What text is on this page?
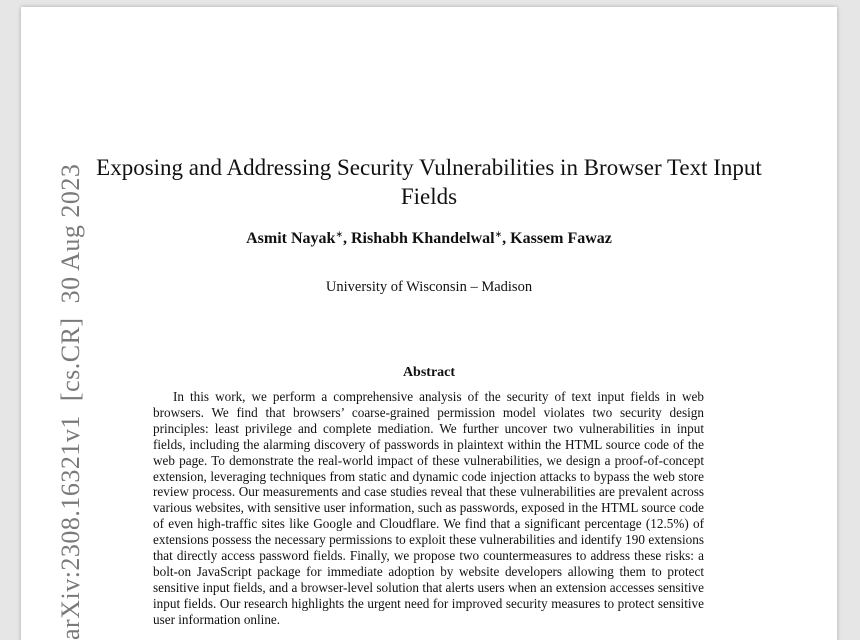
Exposing and Addressing Security Vulnerabilities in Browser Text Input Fields
Asmit Nayak∗, Rishabh Khandelwal∗, Kassem Fawaz
University of Wisconsin – Madison
Abstract
In this work, we perform a comprehensive analysis of the security of text input fields in web browsers. We find that browsers’ coarse-grained permission model violates two security design principles: least privilege and complete mediation. We further uncover two vulnerabilities in input fields, including the alarming discovery of passwords in plaintext within the HTML source code of the web page. To demonstrate the real-world impact of these vulnerabilities, we design a proof-of-concept extension, leveraging techniques from static and dynamic code injection attacks to bypass the web store review process. Our measurements and case studies reveal that these vulnerabilities are prevalent across various websites, with sensitive user information, such as passwords, exposed in the HTML source code of even high-traffic sites like Google and Cloudflare. We find that a significant percentage (12.5%) of extensions possess the necessary permissions to exploit these vulnerabilities and identify 190 extensions that directly access password fields. Finally, we propose two countermeasures to address these risks: a bolt-on JavaScript package for immediate adoption by website developers allowing them to protect sensitive input fields, and a browser-level solution that alerts users when an extension accesses sensitive input fields. Our research highlights the urgent need for improved security measures to protect sensitive user information online.
arXiv:2308.16321v1[cs.CR]30 Aug 2023
